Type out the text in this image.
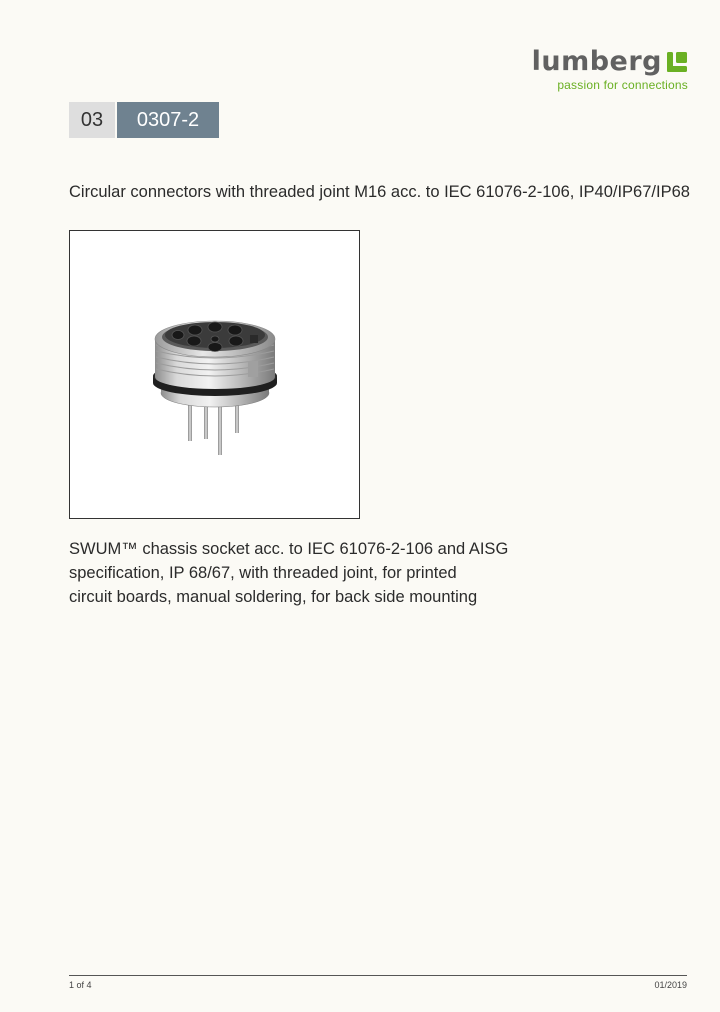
lumberg
passion for connections
03	0307-2
Circular connectors with threaded joint M16 acc. to IEC 61076-2-106, IP40/IP67/IP68

SWUM™ chassis socket acc. to IEC 61076-2-106 and AISG

specification, IP 68/67, with threaded joint, for printed

circuit boards, manual soldering, for back side mounting

1 of 4	01/2019
